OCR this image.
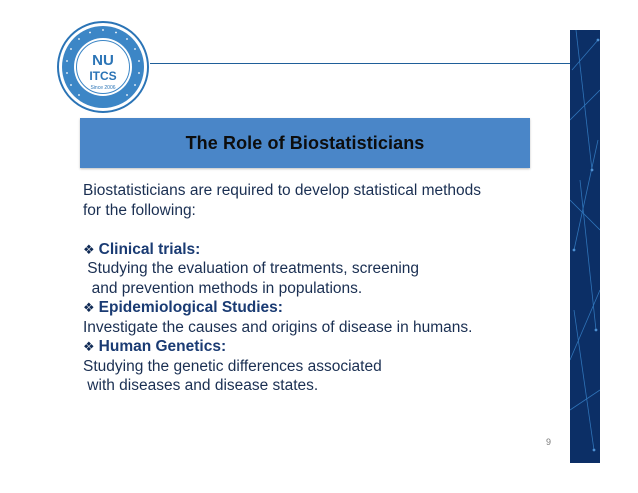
NU
ITCS
Since 2006
The Role of Biostatisticians

Biostatisticians are required to develop statistical methods

for the following:

❖ Clinical trials:

Studying the evaluation of treatments, screening

and prevention methods in populations.

❖ Epidemiological Studies:

Investigate the causes and origins of disease in humans.

❖ Human Genetics:

Studying the genetic differences associated

with diseases and disease states.

9
